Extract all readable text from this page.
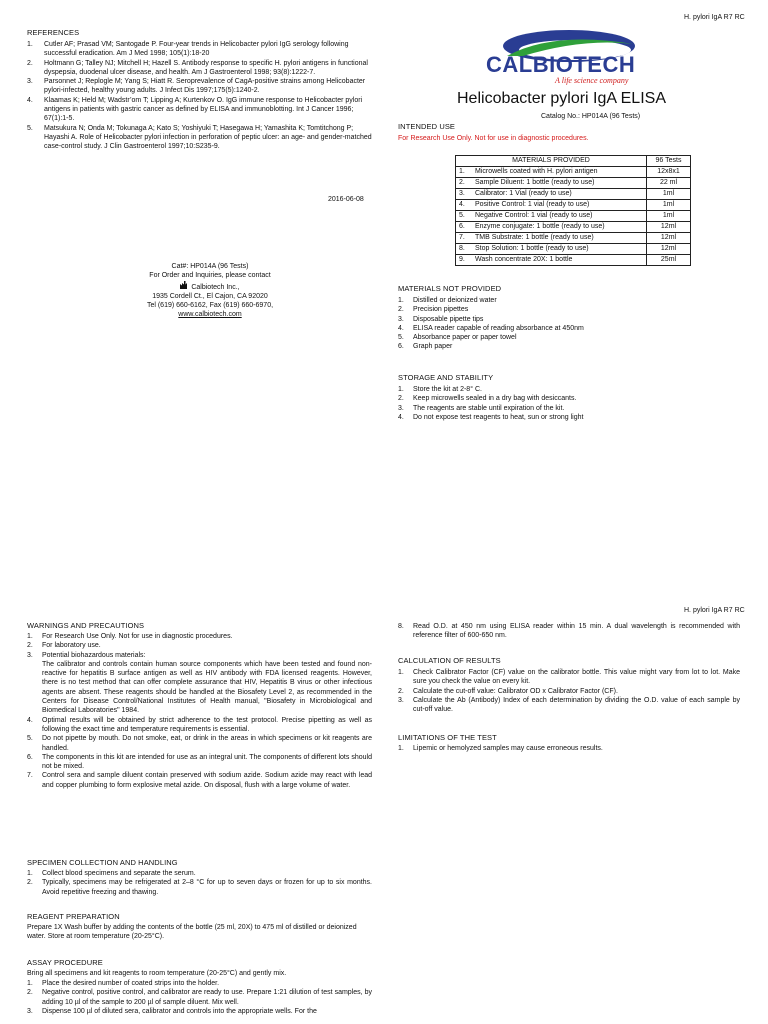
H. pylori IgA R7 RC
REFERENCES
1.	Cutler AF; Prasad VM; Santogade P. Four-year trends in Helicobacter pylori IgG serology following successful eradication. Am J Med 1998; 105(1):18-20
2.	Holtmann G; Talley NJ; Mitchell H; Hazell S. Antibody response to specific H. pylori antigens in functional dyspepsia, duodenal ulcer disease, and health. Am J Gastroenterol 1998; 93(8):1222-7.
3.	Parsonnet J; Replogle M; Yang S; Hiatt R. Seroprevalence of CagA-positive strains among Helicobacter pylori-infected, healthy young adults. J Infect Dis 1997;175(5):1240-2.
4.	Klaamas K; Held M; Wadstr’om T; Lipping A; Kurtenkov O. IgG immune response to Helicobacter pylori antigens in patients with gastric cancer as defined by ELISA and immunoblotting. Int J Cancer 1996; 67(1):1-5.
5.	Matsukura N; Onda M; Tokunaga A; Kato S; Yoshiyuki T; Hasegawa H; Yamashita K; Tomtitchong P; Hayashi A. Role of Helicobacter pylori infection in perforation of peptic ulcer: an age- and gender-matched case-control study. J Clin Gastroenterol 1997;10:S235-9.
2016-06-08
Cat#: HP014A (96 Tests)
For Order and Inquiries, please contact
Calbiotech Inc.,
1935 Cordell Ct., El Cajon, CA 92020
Tel (619) 660-6162, Fax (619) 660-6970,
www.calbiotech.com
CALBIOTECH
A life science company
Helicobacter pylori IgA ELISA
Catalog No.: HP014A (96 Tests)
INTENDED USE
For Research Use Only. Not for use in diagnostic procedures.
MATERIALS PROVIDED		96 Tests
1.	Microwells coated with H. pylori antigen	12x8x1
2.	Sample Diluent: 1 bottle (ready to use)	22 ml
3.	Calibrator: 1 Vial (ready to use)	1ml
4.	Positive Control: 1 vial (ready to use)	1ml
5.	Negative Control: 1 vial (ready to use)	1ml
6.	Enzyme conjugate: 1 bottle (ready to use)	12ml
7.	TMB Substrate: 1 bottle (ready to use)	12ml
8.	Stop Solution: 1 bottle (ready to use)	12ml
9.	Wash concentrate 20X: 1 bottle	25ml
MATERIALS NOT PROVIDED
1.	Distilled or deionized water
2.	Precision pipettes
3.	Disposable pipette tips
4.	ELISA reader capable of reading absorbance at 450nm
5.	Absorbance paper or paper towel
6.	Graph paper
STORAGE AND STABILITY
1.	Store the kit at 2-8° C.
2.	Keep microwells sealed in a dry bag with desiccants.
3.	The reagents are stable until expiration of the kit.
4.	Do not expose test reagents to heat, sun or strong light
H. pylori IgA R7 RC
WARNINGS AND PRECAUTIONS
1.	For Research Use Only. Not for use in diagnostic procedures.
2.	For laboratory use.
3.	Potential biohazardous materials:
The calibrator and controls contain human source components which have been tested and found non-reactive for hepatitis B surface antigen as well as HIV antibody with FDA licensed reagents. However, there is no test method that can offer complete assurance that HIV, Hepatitis B virus or other infectious agents are absent. These reagents should be handled at the Biosafety Level 2, as recommended in the Centers for Disease Control/National Institutes of Health manual, "Biosafety in Microbiological and Biomedical Laboratories" 1984.
4.	Optimal results will be obtained by strict adherence to the test protocol. Precise pipetting as well as following the exact time and temperature requirements is essential.
5.	Do not pipette by mouth. Do not smoke, eat, or drink in the areas in which specimens or kit reagents are handled.
6.	The components in this kit are intended for use as an integral unit. The components of different lots should not be mixed.
7.	Control sera and sample diluent contain preserved with sodium azide. Sodium azide may react with lead and copper plumbing to form explosive metal azide. On disposal, flush with a large volume of water.
SPECIMEN COLLECTION AND HANDLING
1.	Collect blood specimens and separate the serum.
2.	Typically, specimens may be refrigerated at 2–8 °C for up to seven days or frozen for up to six months. Avoid repetitive freezing and thawing.
REAGENT PREPARATION
Prepare 1X Wash buffer by adding the contents of the bottle (25 ml, 20X) to 475 ml of distilled or deionized water. Store at room temperature (20-25°C).
ASSAY PROCEDURE
Bring all specimens and kit reagents to room temperature (20-25°C) and gently mix.
1.	Place the desired number of coated strips into the holder.
2.	Negative control, positive control, and calibrator are ready to use. Prepare 1:21 dilution of test samples, by adding 10 µl of the sample to 200 µl of sample diluent. Mix well.
3.	Dispense 100 µl of diluted sera, calibrator and controls into the appropriate wells. For the
8.	Read O.D. at 450 nm using ELISA reader within 15 min. A dual wavelength is recommended with reference filter of 600-650 nm.
CALCULATION OF RESULTS
1.	Check Calibrator Factor (CF) value on the calibrator bottle. This value might vary from lot to lot. Make sure you check the value on every kit.
2.	Calculate the cut-off value: Calibrator OD x Calibrator Factor (CF).
3.	Calculate the Ab (Antibody) Index of each determination by dividing the O.D. value of each sample by cut-off value.
LIMITATIONS OF THE TEST
1.	Lipemic or hemolyzed samples may cause erroneous results.
